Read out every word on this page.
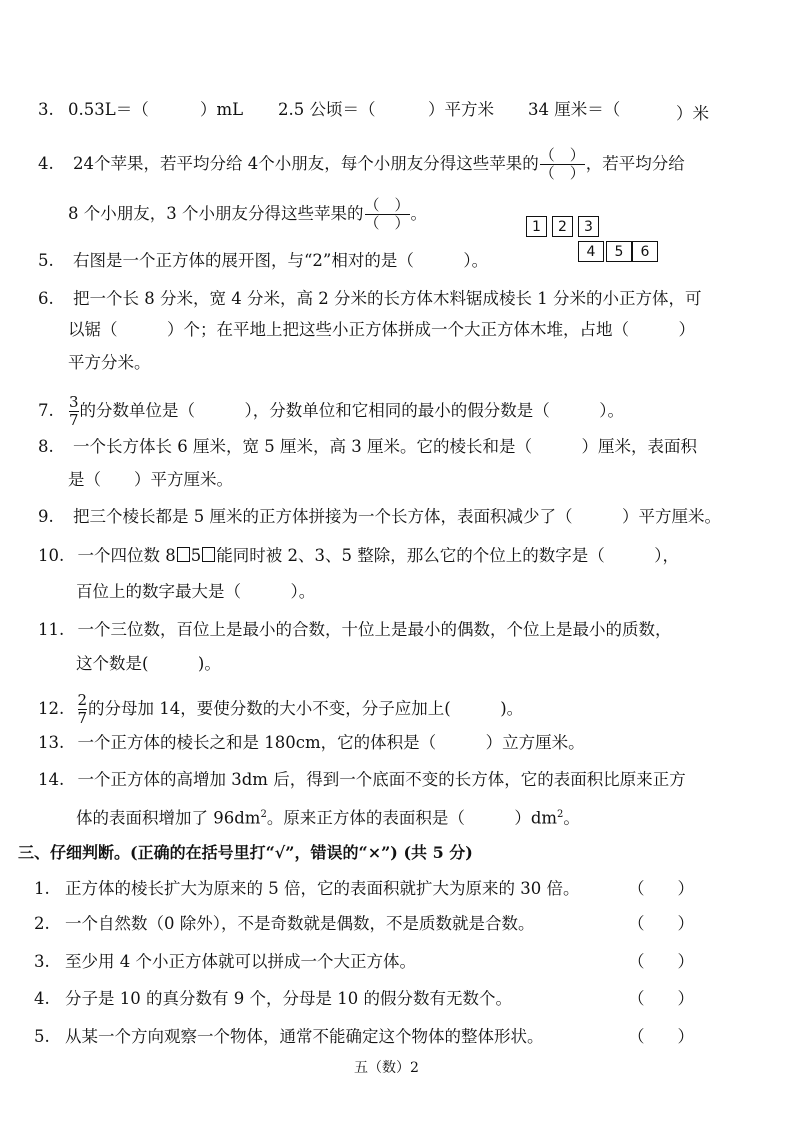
3. 0.53L＝（	）mL 2.5 公顷＝（	）平方米 34 厘米＝（	）米
4. 24个苹果，若平均分给 4个小朋友，每个小朋友分得这些苹果的 $\frac{( )}{( )}$ ，若平均分给
8 个小朋友，3 个小朋友分得这些苹果的 $\frac{( )}{( )}$ 。
1	2	3
4	5	6
5. 右图是一个正方体的展开图，与“2”相对的是（　　　）。
6. 把一个长 8 分米，宽 4 分米，高 2 分米的长方体木料锯成棱长 1 分米的小正方体，可
以锯（　　　）个；在平地上把这些小正方体拼成一个大正方体木堆，占地（　　　）
平方分米。
7. $\frac{3}{7}$ 的分数单位是（　　　），分数单位和它相同的最小的假分数是（　　　）。
8. 一个长方体长 6 厘米，宽 5 厘米，高 3 厘米。它的棱长和是（　　　）厘米，表面积
是（　　）平方厘米。
9. 把三个棱长都是 5 厘米的正方体拼接为一个长方体，表面积减少了（　　　）平方厘米。
10. 一个四位数 8 5 能同时被 2、3、5 整除，那么它的个位上的数字是（　　　），
百位上的数字最大是（　　　）。
11. 一个三位数，百位上是最小的合数，十位上是最小的偶数，个位上是最小的质数，
这个数是(　　　)。
12. $\frac{2}{7}$ 的分母加 14，要使分数的大小不变，分子应加上(　　　)。
13. 一个正方体的棱长之和是 180cm，它的体积是（　　　）立方厘米。
14. 一个正方体的高增加 3dm 后，得到一个底面不变的长方体，它的表面积比原来正方
体的表面积增加了 $96dm^2$。原来正方体的表面积是（　　　）$dm^2$。
三、仔细判断。(正确的在括号里打“√”，错误的“×”) (共 5 分)
1. 正方体的棱长扩大为原来的 5 倍，它的表面积就扩大为原来的 30 倍。	（　　）
2. 一个自然数（0 除外），不是奇数就是偶数，不是质数就是合数。	（　　）
3. 至少用 4 个小正方体就可以拼成一个大正方体。	（　　）
4. 分子是 10 的真分数有 9 个，分母是 10 的假分数有无数个。	（　　）
5. 从某一个方向观察一个物体，通常不能确定这个物体的整体形状。	（　　）
五（数）2
